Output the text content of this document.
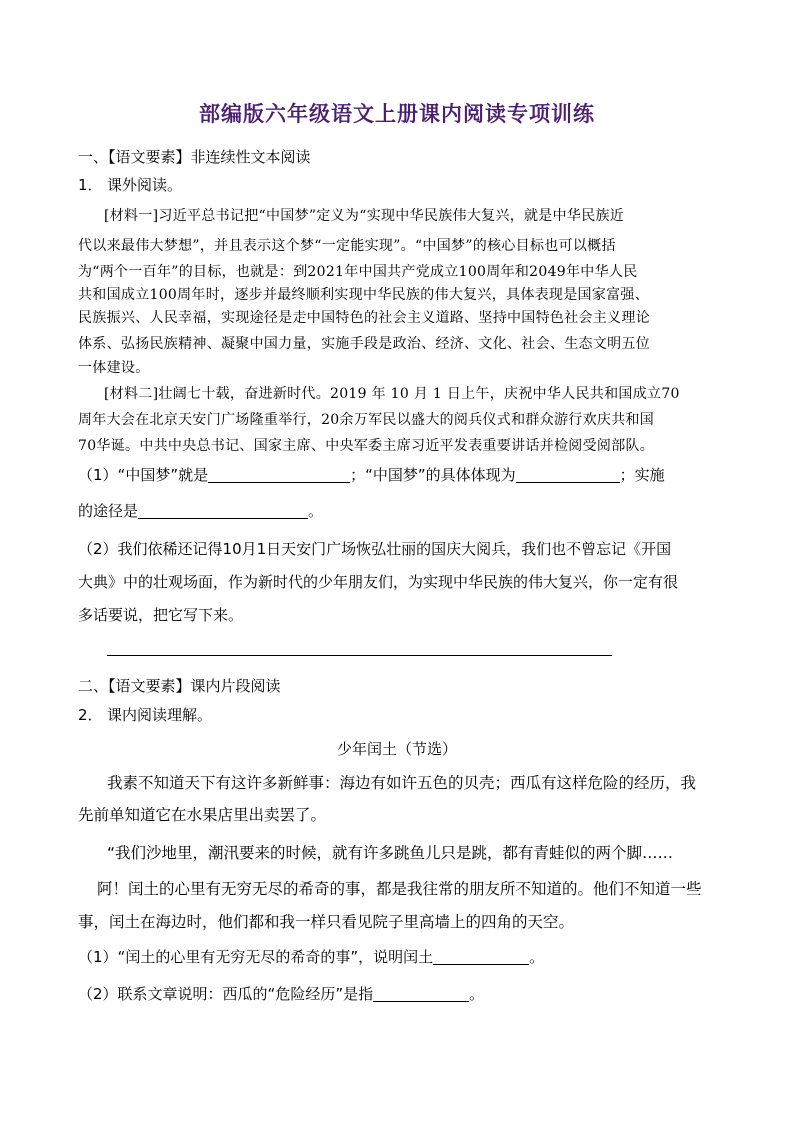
部编版六年级语文上册课内阅读专项训练
一、【语文要素】非连续性文本阅读
1． 课外阅读。
[材料一]习近平总书记把“中国梦”定义为“实现中华民族伟大复兴，就是中华民族近
代以来最伟大梦想”，并且表示这个梦“一定能实现”。“中国梦”的核心目标也可以概括
为“两个一百年”的目标，也就是：到2021年中国共产党成立100周年和2049年中华人民
共和国成立100周年时，逐步并最终顺利实现中华民族的伟大复兴，具体表现是国家富强、
民族振兴、人民幸福，实现途径是走中国特色的社会主义道路、坚持中国特色社会主义理论
体系、弘扬民族精神、凝聚中国力量，实施手段是政治、经济、文化、社会、生态文明五位
一体建设。
[材料二]壮阔七十载，奋进新时代。2019 年 10 月 1 日上午，庆祝中华人民共和国成立70
周年大会在北京天安门广场隆重举行，20余万军民以盛大的阅兵仪式和群众游行欢庆共和国
70华诞。中共中央总书记、国家主席、中央军委主席习近平发表重要讲话并检阅受阅部队。
（1）“中国梦”就是	；“中国梦”的具体体现为	；实施
的途径是	。
（2）我们依稀还记得10月1日天安门广场恢弘壮丽的国庆大阅兵，我们也不曾忘记《开国
大典》中的壮观场面，作为新时代的少年朋友们，为实现中华民族的伟大复兴，你一定有很
多话要说，把它写下来。
二、【语文要素】课内片段阅读
2． 课内阅读理解。
少年闰土（节选）
我素不知道天下有这许多新鲜事：海边有如许五色的贝壳；西瓜有这样危险的经历，我
先前单知道它在水果店里出卖罢了。
“我们沙地里，潮汛要来的时候，就有许多跳鱼儿只是跳，都有青蛙似的两个脚……
阿！闰土的心里有无穷无尽的希奇的事，都是我往常的朋友所不知道的。他们不知道一些
事，闰土在海边时，他们都和我一样只看见院子里高墙上的四角的天空。
（1）“闰土的心里有无穷无尽的希奇的事”，说明闰土	。
（2）联系文章说明：西瓜的“危险经历”是指	。
